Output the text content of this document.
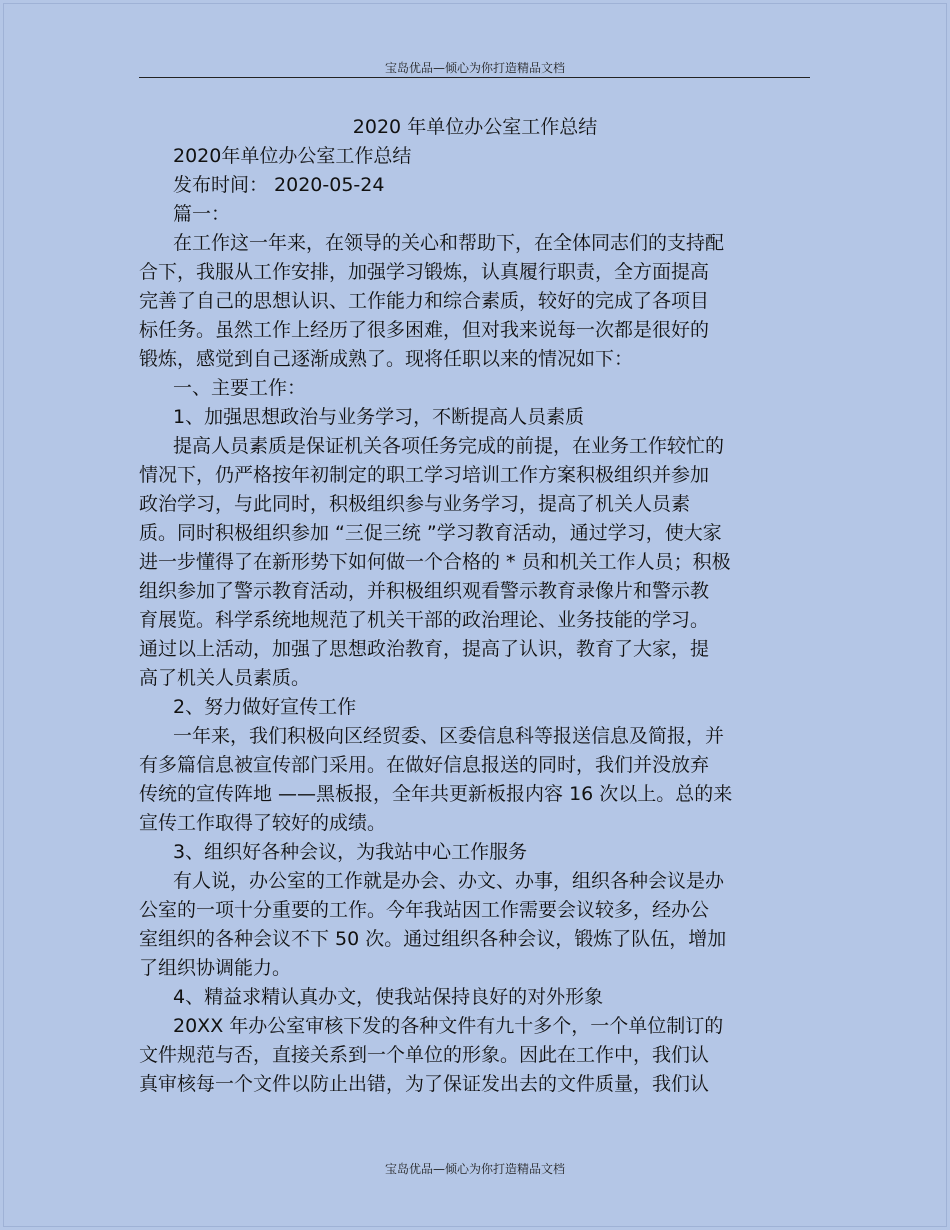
宝岛优品—倾心为你打造精品文档
2020 年单位办公室工作总结
2020年单位办公室工作总结
发布时间： 2020-05-24
篇一：
在工作这一年来，在领导的关心和帮助下，在全体同志们的支持配
合下，我服从工作安排，加强学习锻炼，认真履行职责，全方面提高
完善了自己的思想认识、工作能力和综合素质，较好的完成了各项目
标任务。虽然工作上经历了很多困难，但对我来说每一次都是很好的
锻炼，感觉到自己逐渐成熟了。现将任职以来的情况如下：
一、主要工作：
1、加强思想政治与业务学习，不断提高人员素质
提高人员素质是保证机关各项任务完成的前提，在业务工作较忙的
情况下，仍严格按年初制定的职工学习培训工作方案积极组织并参加
政治学习，与此同时，积极组织参与业务学习，提高了机关人员素
质。同时积极组织参加 “三促三统 ”学习教育活动，通过学习，使大家
进一步懂得了在新形势下如何做一个合格的 * 员和机关工作人员；积极
组织参加了警示教育活动，并积极组织观看警示教育录像片和警示教
育展览。科学系统地规范了机关干部的政治理论、业务技能的学习。
通过以上活动，加强了思想政治教育，提高了认识，教育了大家，提
高了机关人员素质。
2、努力做好宣传工作
一年来，我们积极向区经贸委、区委信息科等报送信息及简报，并
有多篇信息被宣传部门采用。在做好信息报送的同时，我们并没放弃
传统的宣传阵地 ——黑板报，全年共更新板报内容 16 次以上。总的来
宣传工作取得了较好的成绩。
3、组织好各种会议，为我站中心工作服务
有人说，办公室的工作就是办会、办文、办事，组织各种会议是办
公室的一项十分重要的工作。今年我站因工作需要会议较多，经办公
室组织的各种会议不下 50 次。通过组织各种会议，锻炼了队伍，增加
了组织协调能力。
4、精益求精认真办文，使我站保持良好的对外形象
20XX 年办公室审核下发的各种文件有九十多个，一个单位制订的
文件规范与否，直接关系到一个单位的形象。因此在工作中，我们认
真审核每一个文件以防止出错，为了保证发出去的文件质量，我们认
宝岛优品—倾心为你打造精品文档
